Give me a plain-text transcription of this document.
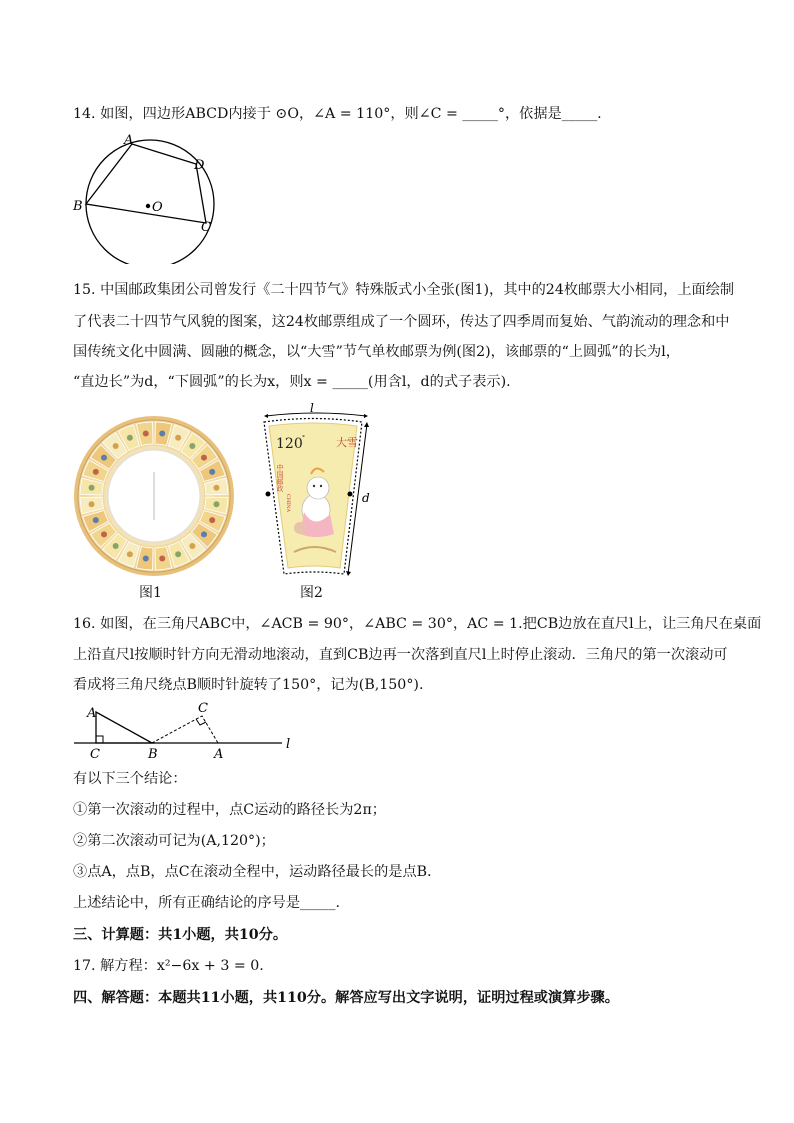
14. 如图，四边形ABCD内接于 ⊙O，∠A = 110°，则∠C = _____°，依据是_____.
A
B
C
D
O
15. 中国邮政集团公司曾发行《二十四节气》特殊版式小全张(图1)，其中的24枚邮票大小相同，上面绘制
了代表二十四节气风貌的图案，这24枚邮票组成了一个圆环，传达了四季周而复始、气韵流动的理念和中
国传统文化中圆满、圆融的概念，以“大雪”节气单枚邮票为例(图2)，该邮票的“上圆弧”的长为l，
“直边长”为d，“下圆弧”的长为x，则x = _____(用含l，d的式子表示).
图1
l
120 °	大雪
中国邮政
CHINA	d
图2
16. 如图，在三角尺ABC中，∠ACB = 90°，∠ABC = 30°，AC = 1.把CB边放在直尺l上，让三角尺在桌面
上沿直尺l按顺时针方向无滑动地滚动，直到CB边再一次落到直尺l上时停止滚动．三角尺的第一次滚动可
看成将三角尺绕点B顺时针旋转了150°，记为(B,150°).
A
C	B
C
A
l
有以下三个结论：
①第一次滚动的过程中，点C运动的路径长为2π；
②第二次滚动可记为(A,120°)；
③点A，点B，点C在滚动全程中，运动路径最长的是点B．
上述结论中，所有正确结论的序号是_____.
三、计算题：共1小题，共10分。
17. 解方程：x²−6x + 3 = 0.
四、解答题：本题共11小题，共110分。解答应写出文字说明，证明过程或演算步骤。
